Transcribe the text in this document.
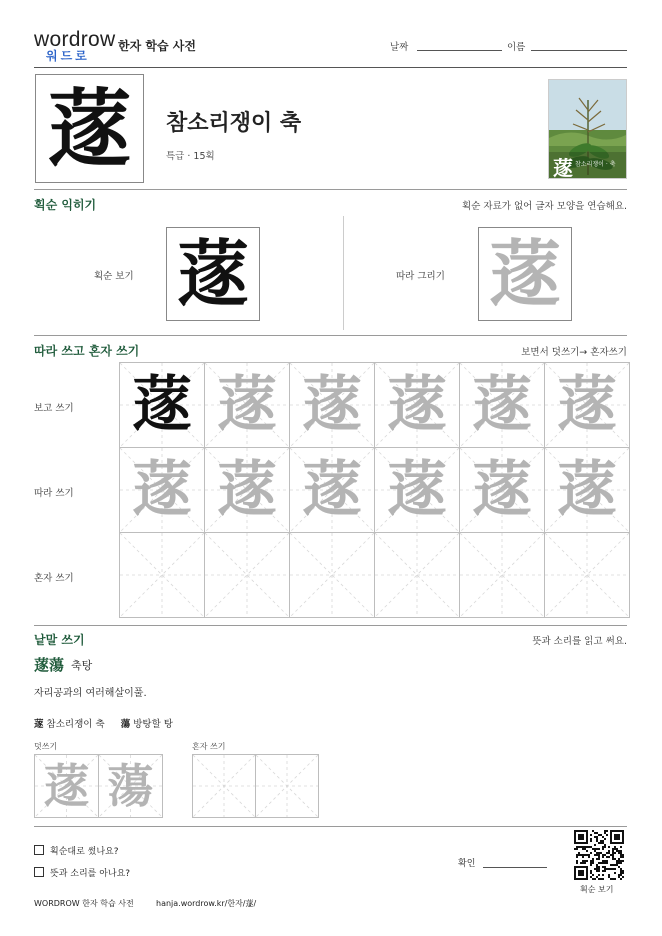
wordrow
워드로
한자 학습 사전	날짜	이름
蓫	참소리쟁이 축
특급 · 15획	蓫 참소리쟁이 · 축
획순 익히기	획순 자료가 없어 글자 모양을 연습해요.
획순 보기 蓫	따라 그리기 蓫
따라 쓰고 혼자 쓰기	보면서 덧쓰기→ 혼자쓰기
보고 쓰기 蓫 蓫 蓫 蓫 蓫 蓫
따라 쓰기 蓫 蓫 蓫 蓫 蓫 蓫
혼자 쓰기
낱말 쓰기	뜻과 소리를 읽고 써요.
蓫蕩 축탕
자리공과의 여러해살이풀.
蓫 참소리쟁이 축 蕩 방탕할 탕
덧쓰기	혼자 쓰기
蓫 蕩
획순대로 썼나요?
뜻과 소리를 아나요?
확인
획순 보기
WORDROW 한자 학습 사전	hanja.wordrow.kr/한자/蓫/
